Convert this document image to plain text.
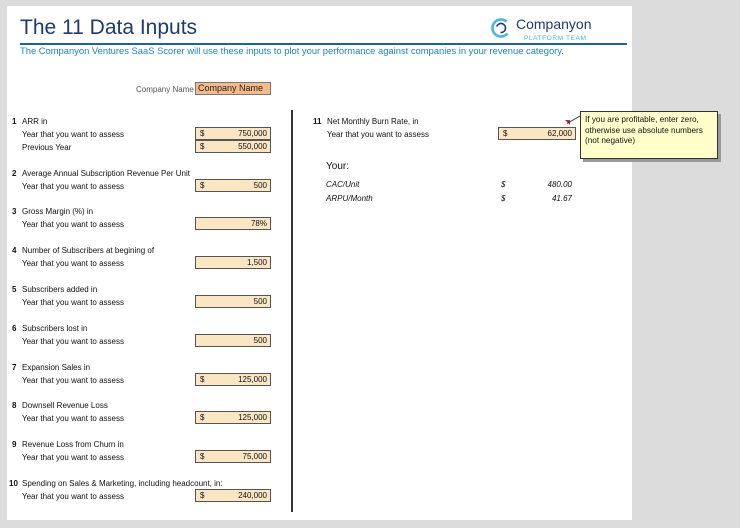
The 11 Data Inputs
The Companyon Ventures SaaS Scorer will use these inputs to plot your performance against companies in your revenue category.
Companyon
PLATFORM TEAM
Company Name Company Name
1 ARR in
Year that you want to assess	$	750,000
Previous Year	$	550,000
2 Average Annual Subscription Revenue Per Unit
Year that you want to assess	$	500
3 Gross Margin (%) in
Year that you want to assess	78%
4 Number of Subscribers at begining of
Year that you want to assess	1,500
5 Subscribers added in
Year that you want to assess	500
6 Subscribers lost in
Year that you want to assess	500
7 Expansion Sales in
Year that you want to assess	$	125,000
8 Downsell Revenue Loss
Year that you want to assess	$	125,000
9 Revenue Loss from Churn in
Year that you want to assess	$	75,000
10 Spending on Sales & Marketing, including headcount, in:
Year that you want to assess	$	240,000
11 Net Monthly Burn Rate, in
Year that you want to assess	$	62,000
Your:
CAC/Unit	$	480.00
ARPU/Month	$	41.67
If you are profitable, enter zero, otherwise use absolute numbers (not negative)
